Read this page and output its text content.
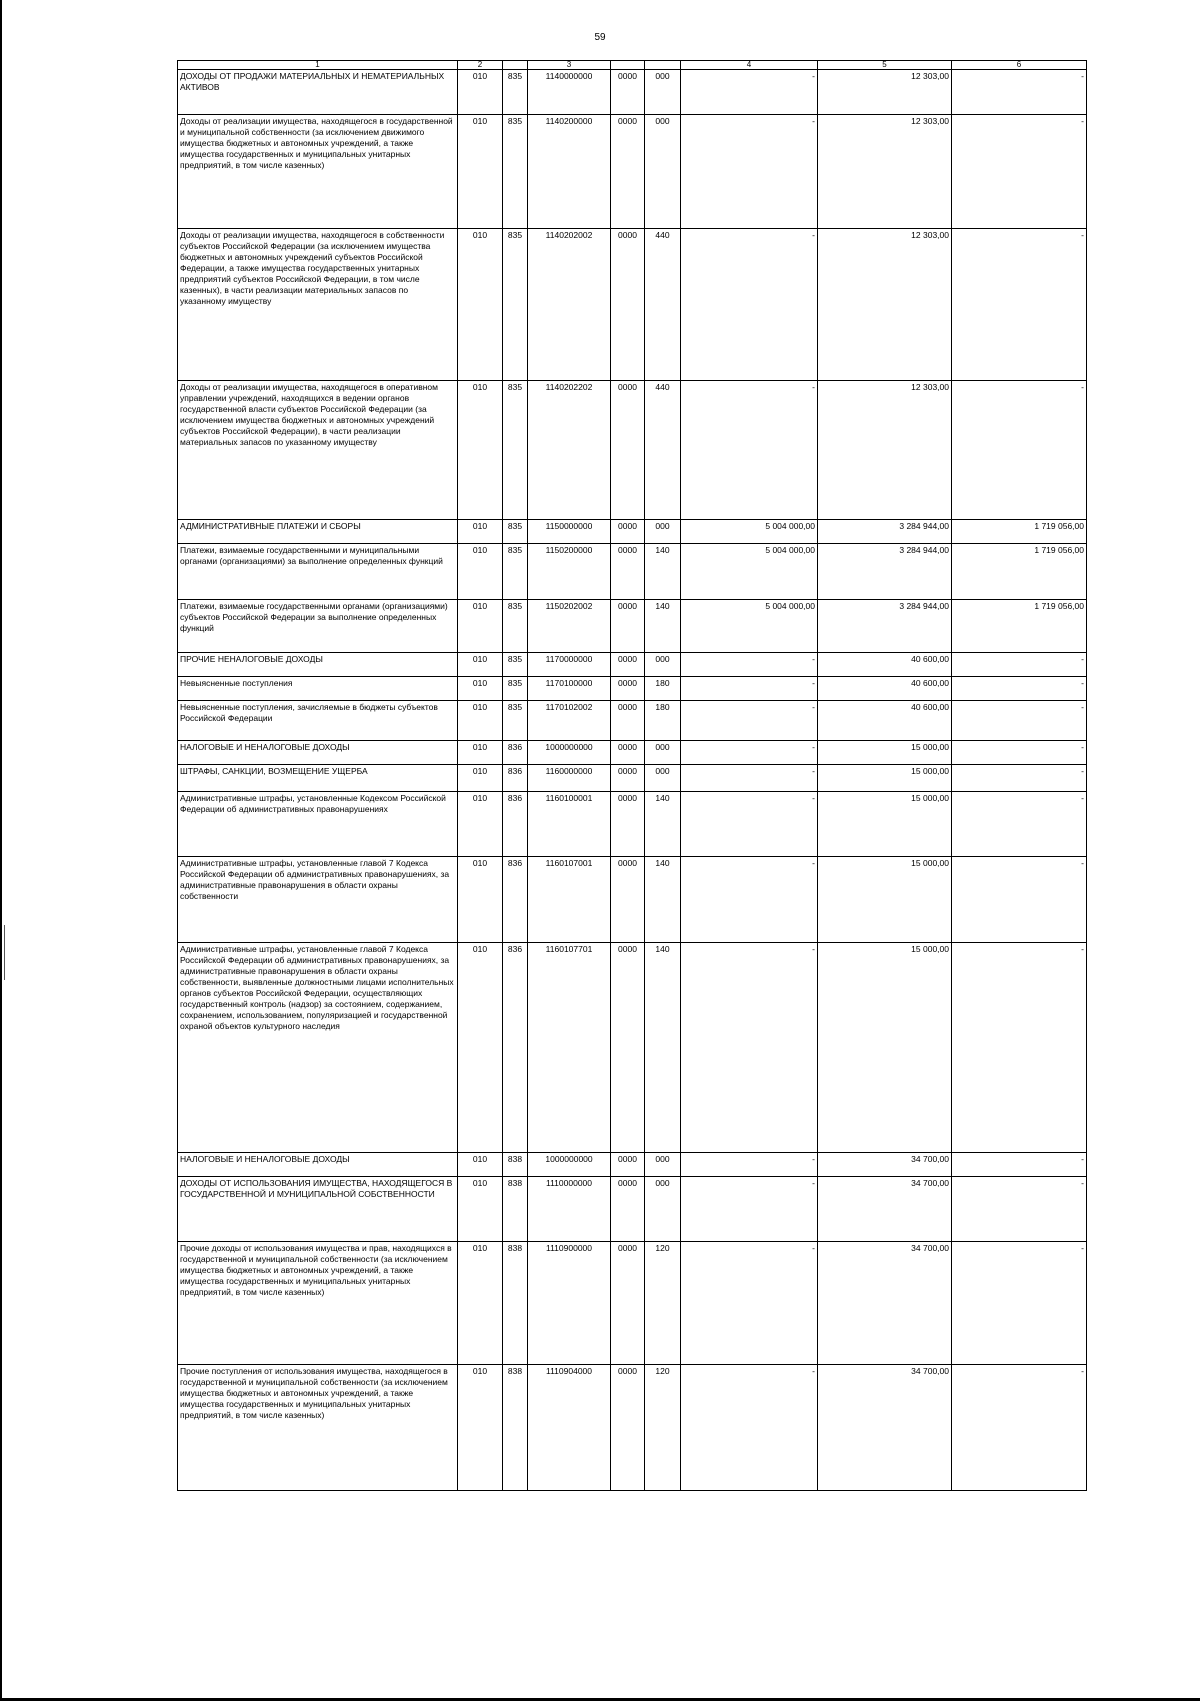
59
1	2		3			4	5	6
ДОХОДЫ ОТ ПРОДАЖИ МАТЕРИАЛЬНЫХ И НЕМАТЕРИАЛЬНЫХ АКТИВОВ	010	835	1140000000	0000	000	-	12 303,00	-
Доходы от реализации имущества, находящегося в государственной и муниципальной собственности (за исключением движимого имущества бюджетных и автономных учреждений, а также имущества государственных и муниципальных унитарных предприятий, в том числе казенных)	010	835	1140200000	0000	000	-	12 303,00	-
Доходы от реализации имущества, находящегося в собственности субъектов Российской Федерации (за исключением имущества бюджетных и автономных учреждений субъектов Российской Федерации, а также имущества государственных унитарных предприятий субъектов Российской Федерации, в том числе казенных), в части реализации материальных запасов по указанному имуществу	010	835	1140202002	0000	440	-	12 303,00	-
Доходы от реализации имущества, находящегося в оперативном управлении учреждений, находящихся в ведении органов государственной власти субъектов Российской Федерации (за исключением имущества бюджетных и автономных учреждений субъектов Российской Федерации), в части реализации материальных запасов по указанному имуществу	010	835	1140202202	0000	440	-	12 303,00	-
АДМИНИСТРАТИВНЫЕ ПЛАТЕЖИ И СБОРЫ	010	835	1150000000	0000	000	5 004 000,00	3 284 944,00	1 719 056,00
Платежи, взимаемые государственными и муниципальными органами (организациями) за выполнение определенных функций	010	835	1150200000	0000	140	5 004 000,00	3 284 944,00	1 719 056,00
Платежи, взимаемые государственными органами (организациями) субъектов Российской Федерации за выполнение определенных функций	010	835	1150202002	0000	140	5 004 000,00	3 284 944,00	1 719 056,00
ПРОЧИЕ НЕНАЛОГОВЫЕ ДОХОДЫ	010	835	1170000000	0000	000	-	40 600,00	-
Невыясненные поступления	010	835	1170100000	0000	180	-	40 600,00	-
Невыясненные поступления, зачисляемые в бюджеты субъектов Российской Федерации	010	835	1170102002	0000	180	-	40 600,00	-
НАЛОГОВЫЕ И НЕНАЛОГОВЫЕ ДОХОДЫ	010	836	1000000000	0000	000	-	15 000,00	-
ШТРАФЫ, САНКЦИИ, ВОЗМЕЩЕНИЕ УЩЕРБА	010	836	1160000000	0000	000	-	15 000,00	-
Административные штрафы, установленные Кодексом Российской Федерации об административных правонарушениях	010	836	1160100001	0000	140	-	15 000,00	-
Административные штрафы, установленные главой 7 Кодекса Российской Федерации об административных правонарушениях, за административные правонарушения в области охраны собственности	010	836	1160107001	0000	140	-	15 000,00	-
Административные штрафы, установленные главой 7 Кодекса Российской Федерации об административных правонарушениях, за административные правонарушения в области охраны собственности, выявленные должностными лицами исполнительных органов субъектов Российской Федерации, осуществляющих государственный контроль (надзор) за состоянием, содержанием, сохранением, использованием, популяризацией и государственной охраной объектов культурного наследия	010	836	1160107701	0000	140	-	15 000,00	-
НАЛОГОВЫЕ И НЕНАЛОГОВЫЕ ДОХОДЫ	010	838	1000000000	0000	000	-	34 700,00	-
ДОХОДЫ ОТ ИСПОЛЬЗОВАНИЯ ИМУЩЕСТВА, НАХОДЯЩЕГОСЯ В ГОСУДАРСТВЕННОЙ И МУНИЦИПАЛЬНОЙ СОБСТВЕННОСТИ	010	838	1110000000	0000	000	-	34 700,00	-
Прочие доходы от использования имущества и прав, находящихся в государственной и муниципальной собственности (за исключением имущества бюджетных и автономных учреждений, а также имущества государственных и муниципальных унитарных предприятий, в том числе казенных)	010	838	1110900000	0000	120	-	34 700,00	-
Прочие поступления от использования имущества, находящегося в государственной и муниципальной собственности (за исключением имущества бюджетных и автономных учреждений, а также имущества государственных и муниципальных унитарных предприятий, в том числе казенных)	010	838	1110904000	0000	120	-	34 700,00	-
